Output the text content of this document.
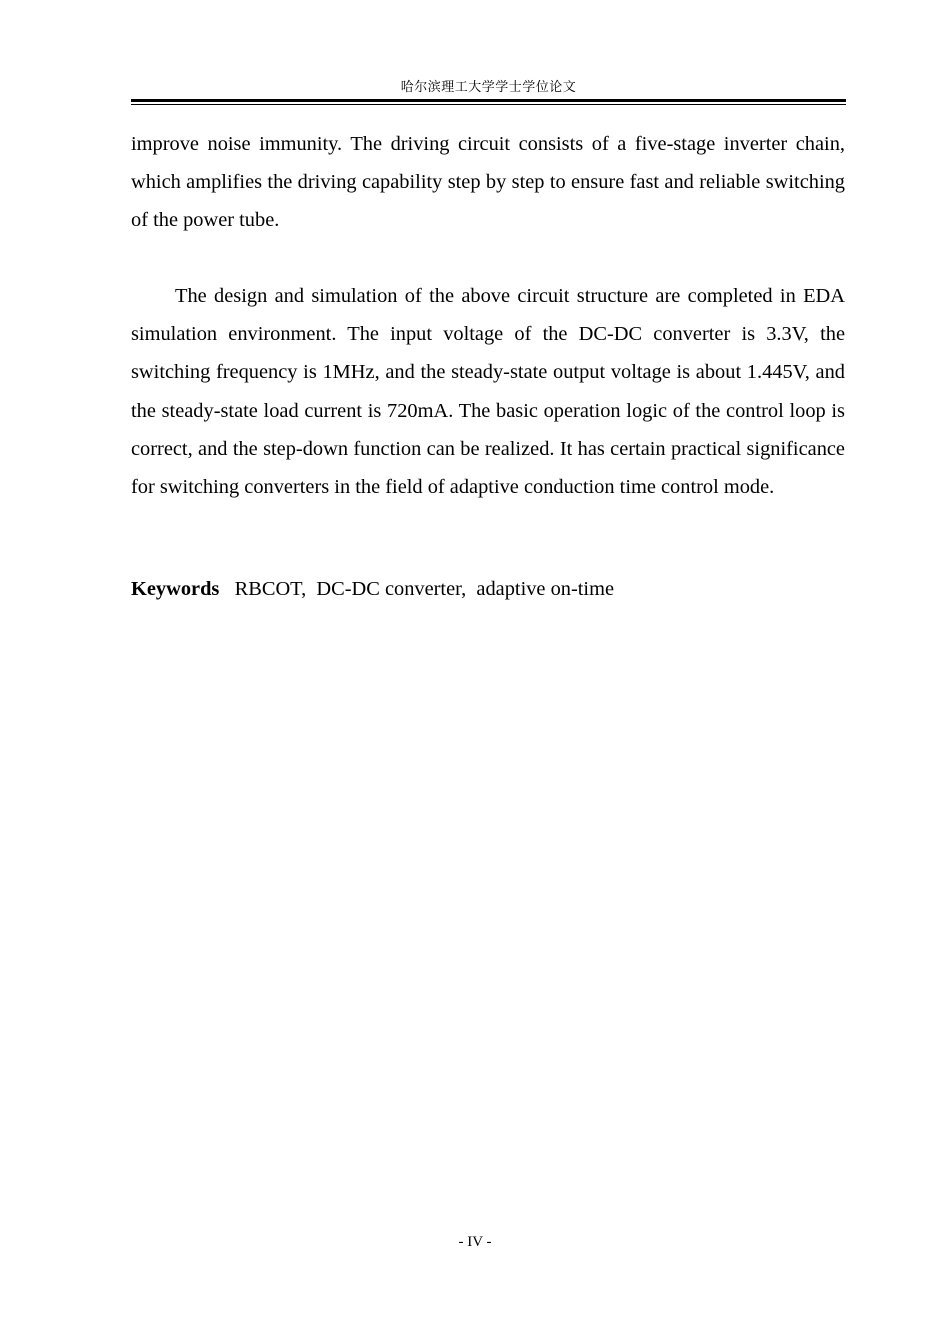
哈尔滨理工大学学士学位论文

improve noise immunity. The driving circuit consists of a five-stage inverter chain, which amplifies the driving capability step by step to ensure fast and reliable switching of the power tube.

The design and simulation of the above circuit structure are completed in EDA simulation environment. The input voltage of the DC-DC converter is 3.3V, the switching frequency is 1MHz, and the steady-state output voltage is about 1.445V, and the steady-state load current is 720mA. The basic operation logic of the control loop is correct, and the step-down function can be realized. It has certain practical significance for switching converters in the field of adaptive conduction time control mode.

Keywords RBCOT,  DC-DC converter,  adaptive on-time
- IV -
